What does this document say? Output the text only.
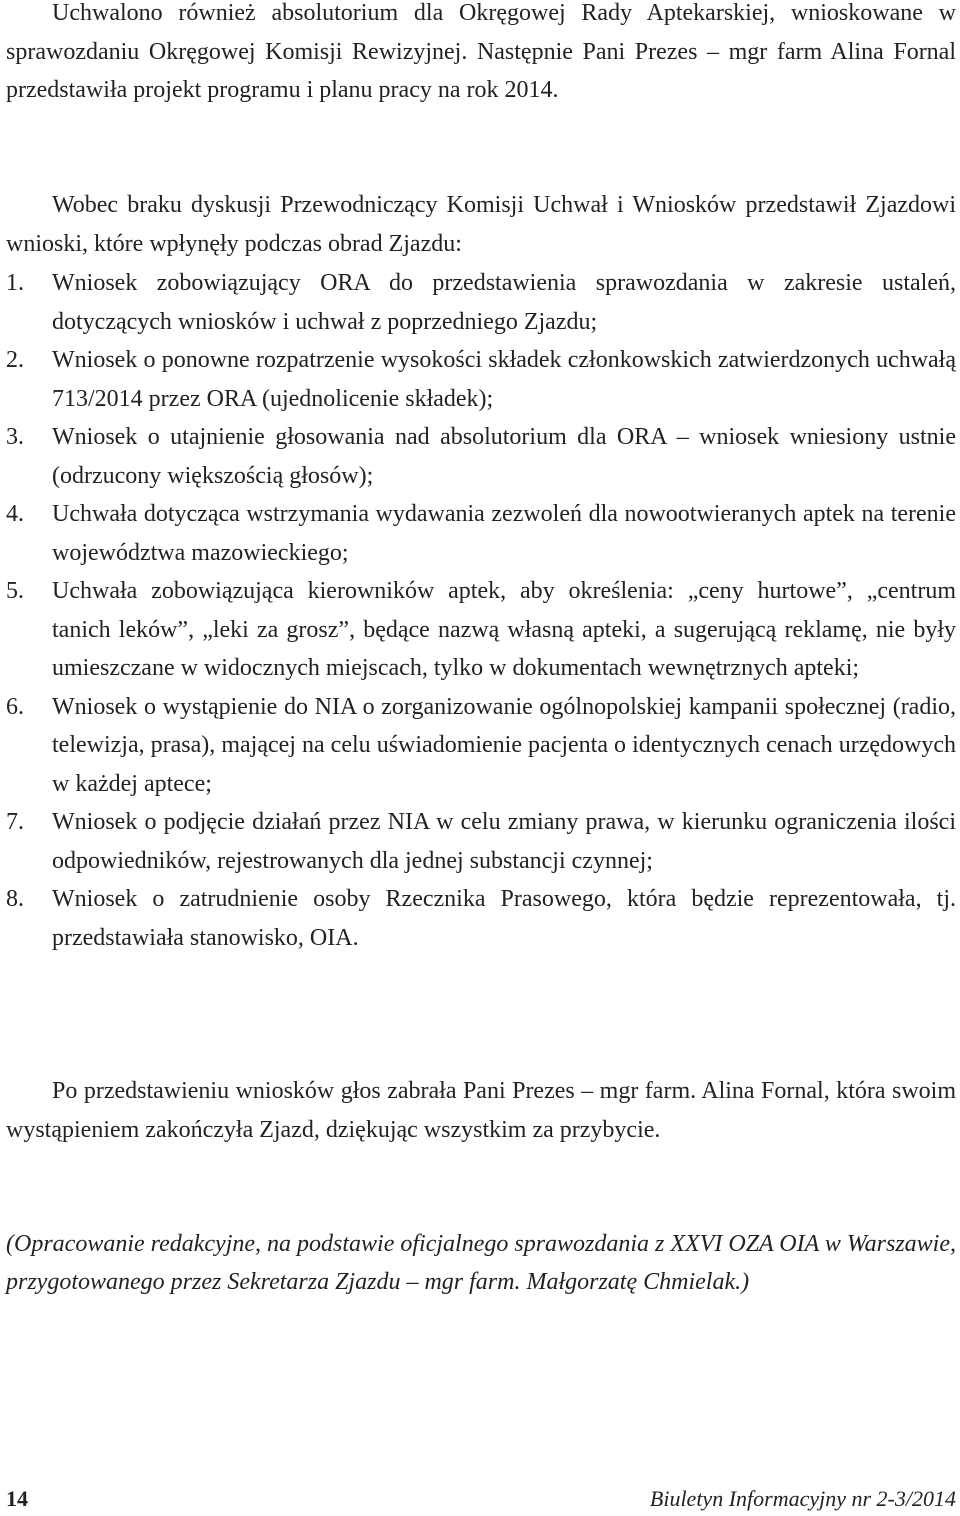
Uchwalono również absolutorium dla Okręgowej Rady Aptekarskiej, wnioskowane w sprawozdaniu Okręgowej Komisji Rewizyjnej. Następnie Pani Prezes – mgr farm Alina Fornal przedstawiła projekt programu i planu pracy na rok 2014.

Wobec braku dyskusji Przewodniczący Komisji Uchwał i Wniosków przedstawił Zjazdowi wnioski, które wpłynęły podczas obrad Zjazdu:

1. Wniosek zobowiązujący ORA do przedstawienia sprawozdania w zakresie ustaleń, dotyczących wniosków i uchwał z poprzedniego Zjazdu;
2. Wniosek o ponowne rozpatrzenie wysokości składek członkowskich zatwierdzonych uchwałą 713/2014 przez ORA (ujednolicenie składek);
3. Wniosek o utajnienie głosowania nad absolutorium dla ORA – wniosek wniesiony ustnie (odrzucony większością głosów);
4. Uchwała dotycząca wstrzymania wydawania zezwoleń dla nowootwieranych aptek na terenie województwa mazowieckiego;
5. Uchwała zobowiązująca kierowników aptek, aby określenia: „ceny hurtowe”, „centrum tanich leków”, „leki za grosz”, będące nazwą własną apteki, a sugerującą reklamę, nie były umieszczane w widocznych miejscach, tylko w dokumentach wewnętrznych apteki;
6. Wniosek o wystąpienie do NIA o zorganizowanie ogólnopolskiej kampanii społecznej (radio, telewizja, prasa), mającej na celu uświadomienie pacjenta o identycznych cenach urzędowych w każdej aptece;
7. Wniosek o podjęcie działań przez NIA w celu zmiany prawa, w kierunku ograniczenia ilości odpowiedników, rejestrowanych dla jednej substancji czynnej;
8. Wniosek o zatrudnienie osoby Rzecznika Prasowego, która będzie reprezentowała, tj. przedstawiała stanowisko, OIA.

Po przedstawieniu wniosków głos zabrała Pani Prezes – mgr farm. Alina Fornal, która swoim wystąpieniem zakończyła Zjazd, dziękując wszystkim za przybycie.

(Opracowanie redakcyjne, na podstawie oficjalnego sprawozdania z XXVI OZA OIA w Warszawie, przygotowanego przez Sekretarza Zjazdu – mgr farm. Małgorzatę Chmielak.)

14	Biuletyn Informacyjny nr 2-3/2014
